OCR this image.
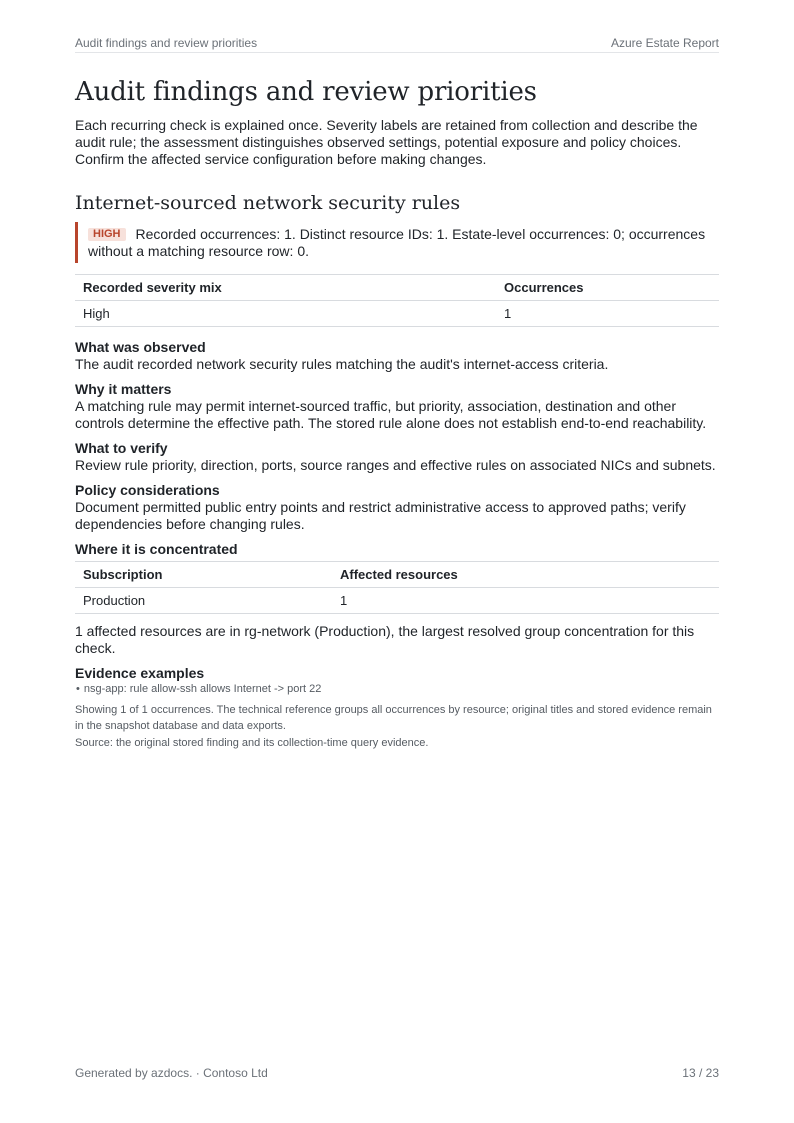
Audit findings and review priorities	Azure Estate Report
Audit findings and review priorities

Each recurring check is explained once. Severity labels are retained from collection and describe the audit rule; the assessment distinguishes observed settings, potential exposure and policy choices. Confirm the affected service configuration before making changes.

Internet-sourced network security rules
HIGH Recorded occurrences: 1. Distinct resource IDs: 1. Estate-level occurrences: 0; occurrences without a matching resource row: 0.
Recorded severity mix	Occurrences
High	1
What was observed
The audit recorded network security rules matching the audit's internet-access criteria.
Why it matters
A matching rule may permit internet-sourced traffic, but priority, association, destination and other controls determine the effective path. The stored rule alone does not establish end-to-end reachability.
What to verify
Review rule priority, direction, ports, source ranges and effective rules on associated NICs and subnets.
Policy considerations
Document permitted public entry points and restrict administrative access to approved paths; verify dependencies before changing rules.
Where it is concentrated
Subscription	Affected resources
Production	1

1 affected resources are in rg-network (Production), the largest resolved group concentration for this check.

Evidence examples
• nsg-app: rule allow-ssh allows Internet -> port 22

Showing 1 of 1 occurrences. The technical reference groups all occurrences by resource; original titles and stored evidence remain in the snapshot database and data exports.

Source: the original stored finding and its collection-time query evidence.

Generated by azdocs. · Contoso Ltd	13 / 23
